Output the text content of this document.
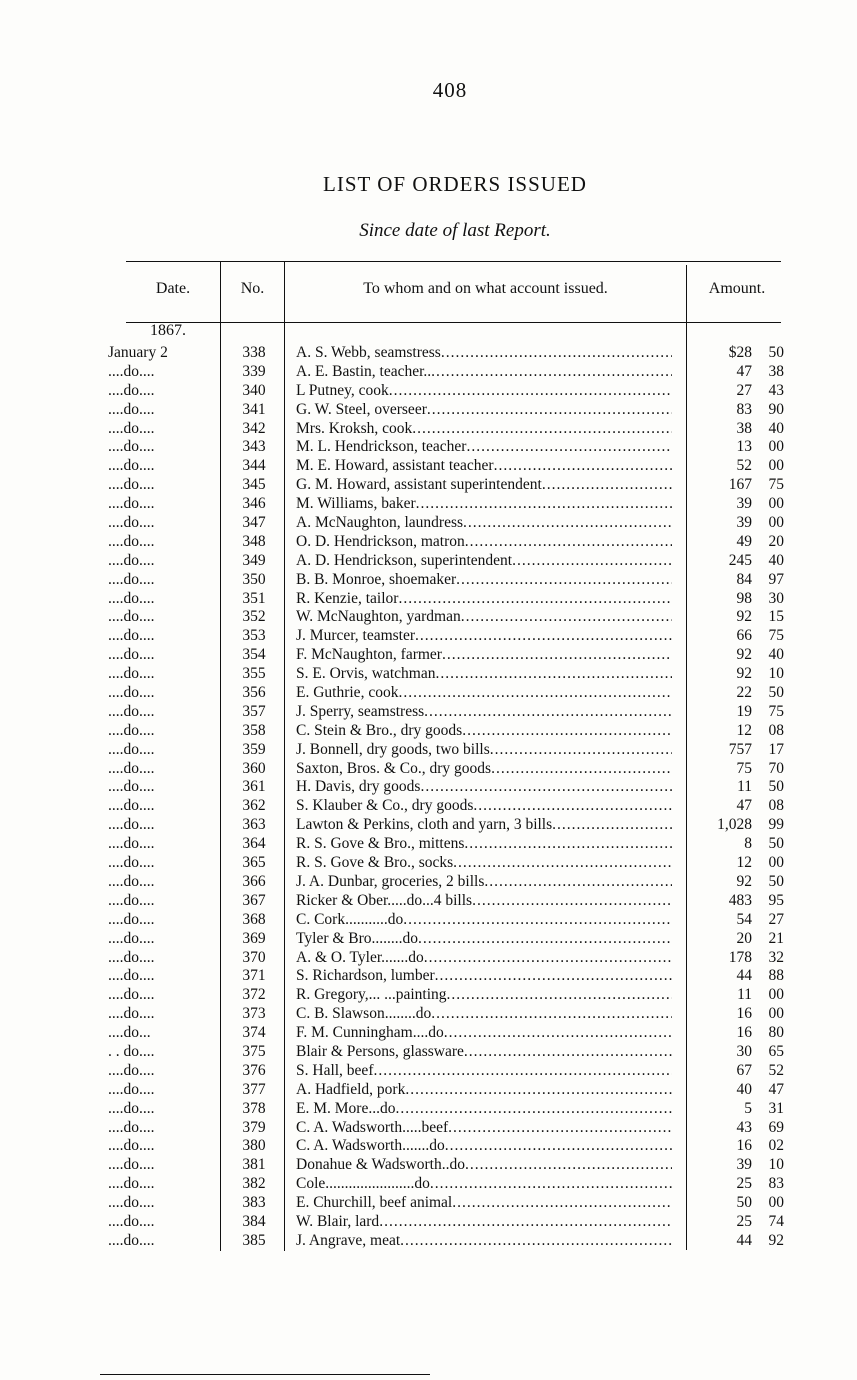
408
LIST OF ORDERS ISSUED
Since date of last Report.
Date.	No.	To whom and on what account issued.	Amount.
1867.
January 2	338	A. S. Webb, seamstress .....	$28	50
....do....	339	A. E. Bastin, teacher.. .....	47	38
....do....	340	L Putney, cook .....	27	43
....do....	341	G. W. Steel, overseer .....	83	90
....do....	342	Mrs. Kroksh, cook .....	38	40
....do....	343	M. L. Hendrickson, teacher .....	13	00
....do....	344	M. E. Howard, assistant teacher .....	52	00
....do....	345	G. M. Howard, assistant superintendent .....	167	75
....do....	346	M. Williams, baker .....	39	00
....do....	347	A. McNaughton, laundress .....	39	00
....do....	348	O. D. Hendrickson, matron .....	49	20
....do....	349	A. D. Hendrickson, superintendent .....	245	40
....do....	350	B. B. Monroe, shoemaker .....	84	97
....do....	351	R. Kenzie, tailor .....	98	30
....do....	352	W. McNaughton, yardman .....	92	15
....do....	353	J. Murcer, teamster .....	66	75
....do....	354	F. McNaughton, farmer .....	92	40
....do....	355	S. E. Orvis, watchman .....	92	10
....do....	356	E. Guthrie, cook .....	22	50
....do....	357	J. Sperry, seamstress .....	19	75
....do....	358	C. Stein & Bro., dry goods .....	12	08
....do....	359	J. Bonnell, dry goods, two bills .....	757	17
....do....	360	Saxton, Bros. & Co., dry goods .....	75	70
....do....	361	H. Davis, dry goods .....	11	50
....do....	362	S. Klauber & Co., dry goods .....	47	08
....do....	363	Lawton & Perkins, cloth and yarn, 3 bills .....	1,028	99
....do....	364	R. S. Gove & Bro., mittens .....	8	50
....do....	365	R. S. Gove & Bro., socks .....	12	00
....do....	366	J. A. Dunbar, groceries, 2 bills .....	92	50
....do....	367	Ricker & Ober.....do...4 bills .....	483	95
....do....	368	C. Cork...........do .....	54	27
....do....	369	Tyler & Bro........do .....	20	21
....do....	370	A. & O. Tyler.......do .....	178	32
....do....	371	S. Richardson, lumber .....	44	88
....do....	372	R. Gregory,... ...painting .....	11	00
....do....	373	C. B. Slawson........do .....	16	00
....do...	374	F. M. Cunningham....do .....	16	80
. . do....	375	Blair & Persons, glassware .....	30	65
....do....	376	S. Hall, beef .....	67	52
....do....	377	A. Hadfield, pork .....	40	47
....do....	378	E. M. More...do .....	5	31
....do....	379	C. A. Wadsworth.....beef .....	43	69
....do....	380	C. A. Wadsworth.......do .....	16	02
....do....	381	Donahue & Wadsworth..do .....	39	10
....do....	382	Cole.......................do .....	25	83
....do....	383	E. Churchill, beef animal .....	50	00
....do....	384	W. Blair, lard .....	25	74
....do....	385	J. Angrave, meat .....	44	92
